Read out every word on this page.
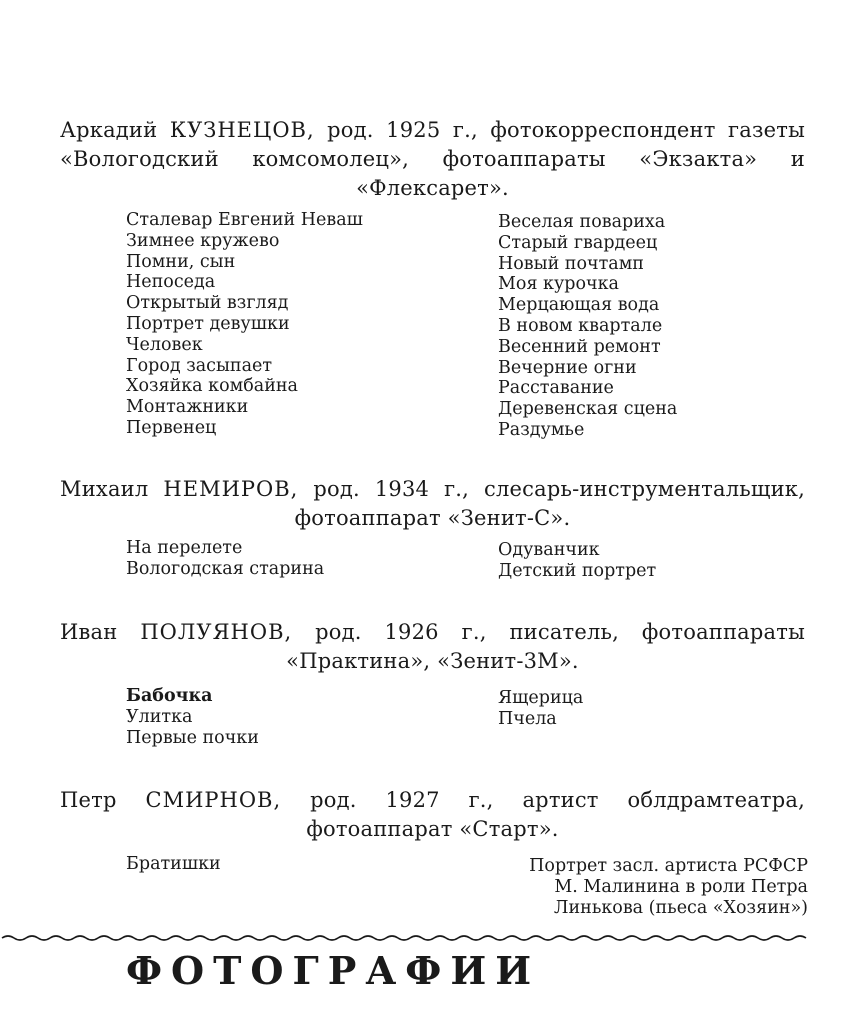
Аркадий КУЗНЕЦОВ, род. 1925 г., фотокорреспондент газеты «Вологодский комсомолец», фотоаппараты «Экзакта» и «Флексарет».
Сталевар Евгений Неваш
Зимнее кружево
Помни, сын
Непоседа
Открытый взгляд
Портрет девушки
Человек
Город засыпает
Хозяйка комбайна
Монтажники
Первенец
Веселая повариха
Старый гвардеец
Новый почтамп
Моя курочка
Мерцающая вода
В новом квартале
Весенний ремонт
Вечерние огни
Расставание
Деревенская сцена
Раздумье
Михаил НЕМИРОВ, род. 1934 г., слесарь-инструментальщик, фотоаппарат «Зенит-С».
На перелете
Вологодская старина
Одуванчик
Детский портрет
Иван ПОЛУЯНОВ, род. 1926 г., писатель, фотоаппараты «Практина», «Зенит-3М».
Бабочка
Улитка
Первые почки
Ящерица
Пчела
Петр СМИРНОВ, род. 1927 г., артист облдрамтеатра, фотоаппарат «Старт».
Братишки	Портрет засл. артиста РСФСР
М. Малинина в роли Петра
Линькова (пьеса «Хозяин»)
ФОТОГРАФИИ
